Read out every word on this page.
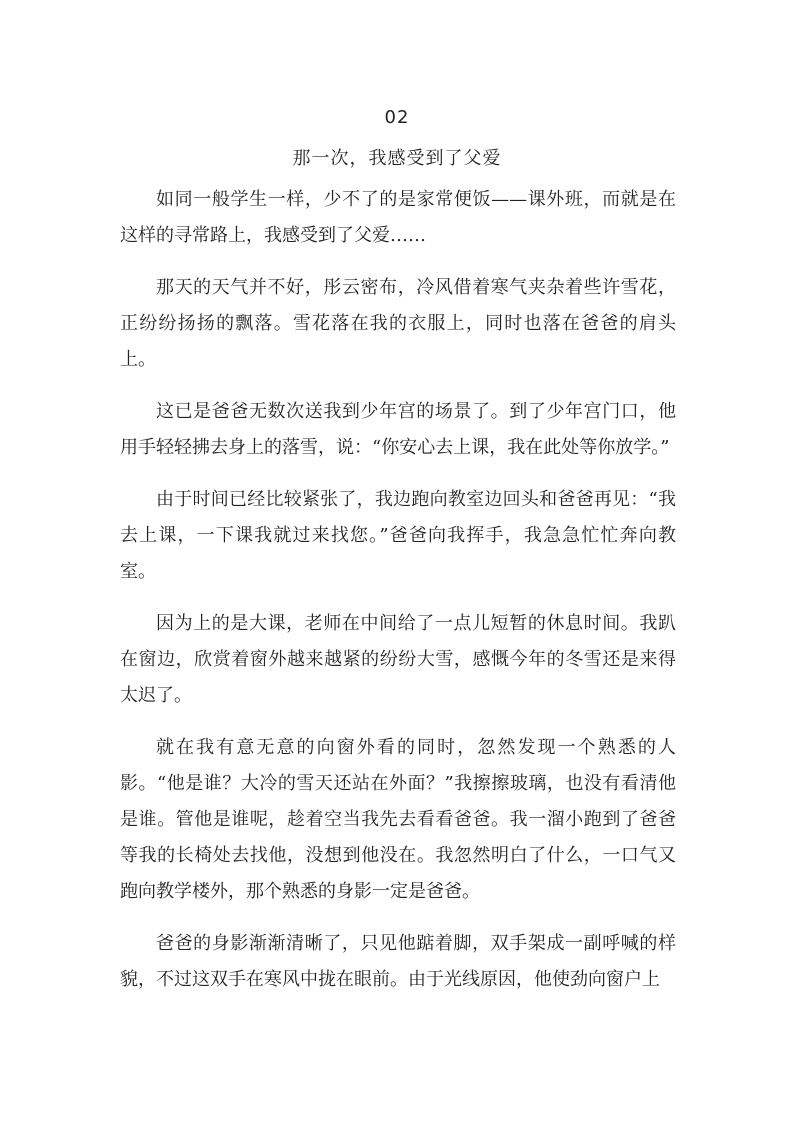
02
那一次，我感受到了父爱

如同一般学生一样，少不了的是家常便饭——课外班，而就是在这样的寻常路上，我感受到了父爱……

那天的天气并不好，彤云密布，冷风借着寒气夹杂着些许雪花，正纷纷扬扬的飘落。雪花落在我的衣服上，同时也落在爸爸的肩头上。

这已是爸爸无数次送我到少年宫的场景了。到了少年宫门口，他用手轻轻拂去身上的落雪，说：“你安心去上课，我在此处等你放学。”

由于时间已经比较紧张了，我边跑向教室边回头和爸爸再见：“我去上课，一下课我就过来找您。”爸爸向我挥手，我急急忙忙奔向教室。

因为上的是大课，老师在中间给了一点儿短暂的休息时间。我趴在窗边，欣赏着窗外越来越紧的纷纷大雪，感慨今年的冬雪还是来得太迟了。

就在我有意无意的向窗外看的同时，忽然发现一个熟悉的人影。“他是谁？大冷的雪天还站在外面？”我擦擦玻璃，也没有看清他是谁。管他是谁呢，趁着空当我先去看看爸爸。我一溜小跑到了爸爸等我的长椅处去找他，没想到他没在。我忽然明白了什么，一口气又跑向教学楼外，那个熟悉的身影一定是爸爸。

爸爸的身影渐渐清晰了，只见他踮着脚，双手架成一副呼喊的样貌，不过这双手在寒风中拢在眼前。由于光线原因，他使劲向窗户上
